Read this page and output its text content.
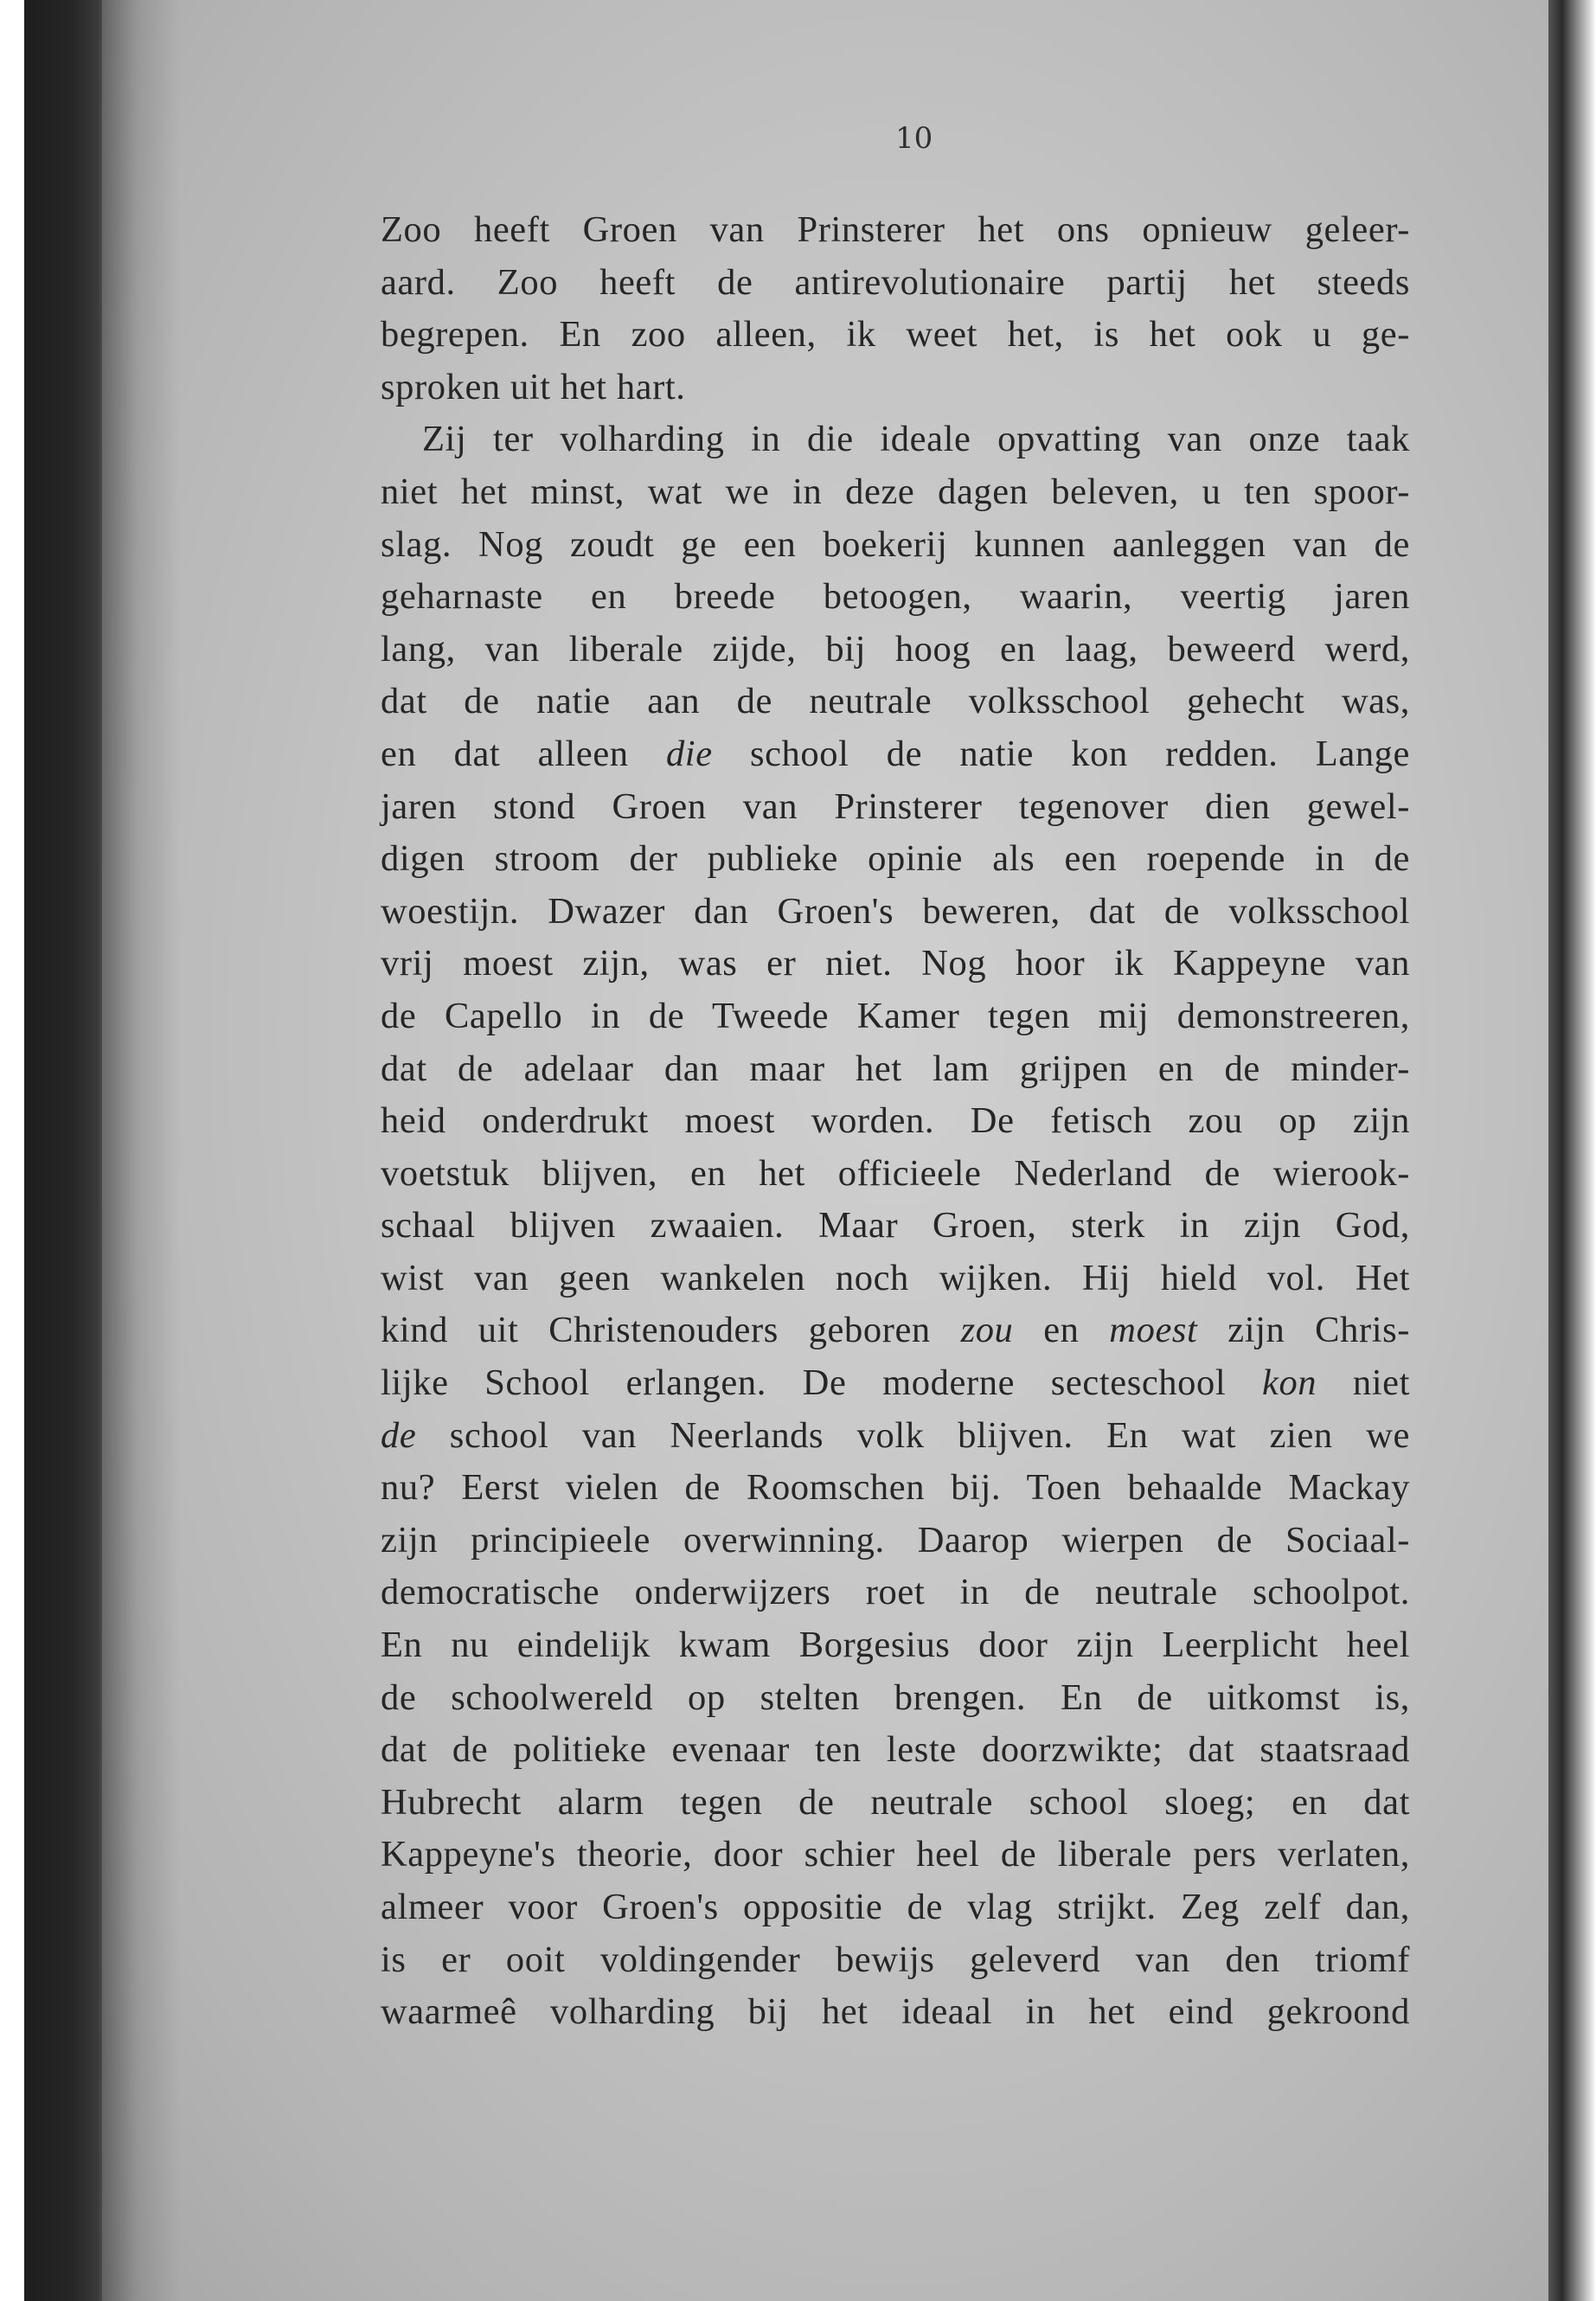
10
Zoo heeft Groen van Prinsterer het ons opnieuw geleer-
aard. Zoo heeft de antirevolutionaire partij het steeds
begrepen. En zoo alleen, ik weet het, is het ook u ge-
sproken uit het hart.
Zij ter volharding in die ideale opvatting van onze taak
niet het minst, wat we in deze dagen beleven, u ten spoor-
slag. Nog zoudt ge een boekerij kunnen aanleggen van de
geharnaste en breede betoogen, waarin, veertig jaren
lang, van liberale zijde, bij hoog en laag, beweerd werd,
dat de natie aan de neutrale volksschool gehecht was,
en dat alleen die school de natie kon redden. Lange
jaren stond Groen van Prinsterer tegenover dien gewel-
digen stroom der publieke opinie als een roepende in de
woestijn. Dwazer dan Groen's beweren, dat de volksschool
vrij moest zijn, was er niet. Nog hoor ik Kappeyne van
de Capello in de Tweede Kamer tegen mij demonstreeren,
dat de adelaar dan maar het lam grijpen en de minder-
heid onderdrukt moest worden. De fetisch zou op zijn
voetstuk blijven, en het officieele Nederland de wierook-
schaal blijven zwaaien. Maar Groen, sterk in zijn God,
wist van geen wankelen noch wijken. Hij hield vol. Het
kind uit Christenouders geboren zou en moest zijn Chris-
lijke School erlangen. De moderne secteschool kon niet
de school van Neerlands volk blijven. En wat zien we
nu? Eerst vielen de Roomschen bij. Toen behaalde Mackay
zijn principieele overwinning. Daarop wierpen de Sociaal-
democratische onderwijzers roet in de neutrale schoolpot.
En nu eindelijk kwam Borgesius door zijn Leerplicht heel
de schoolwereld op stelten brengen. En de uitkomst is,
dat de politieke evenaar ten leste doorzwikte; dat staatsraad
Hubrecht alarm tegen de neutrale school sloeg; en dat
Kappeyne's theorie, door schier heel de liberale pers verlaten,
almeer voor Groen's oppositie de vlag strijkt. Zeg zelf dan,
is er ooit voldingender bewijs geleverd van den triomf
waarmeê volharding bij het ideaal in het eind gekroond
